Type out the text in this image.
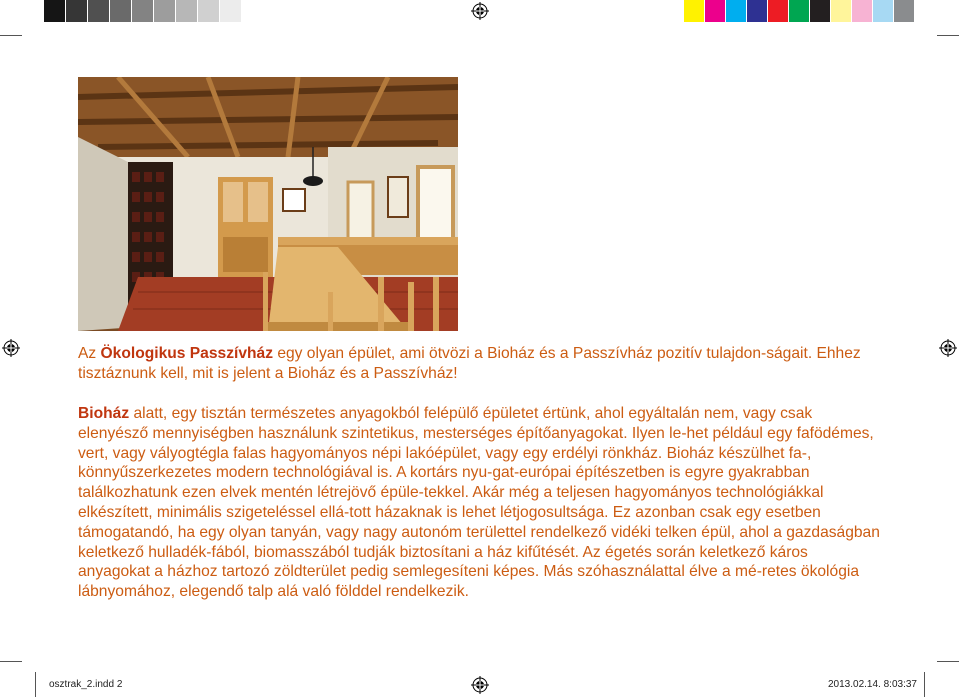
Az Ökologikus Passzívház egy olyan épület, ami ötvözi a Bioház és a Passzívház pozitív tulajdon-ságait. Ehhez tisztáznunk kell, mit is jelent a Bioház és a Passzívház!

Bioház alatt, egy tisztán természetes anyagokból felépülő épületet értünk, ahol egyáltalán nem, vagy csak elenyésző mennyiségben használunk szintetikus, mesterséges építőanyagokat. Ilyen le-het például egy fafödémes, vert, vagy vályogtégla falas hagyományos népi lakóépület, vagy egy erdélyi rönkház. Bioház készülhet fa-, könnyűszerkezetes modern technológiával is. A kortárs nyu-gat-európai építészetben is egyre gyakrabban találkozhatunk ezen elvek mentén létrejövő épüle-tekkel. Akár még a teljesen hagyományos technológiákkal elkészített, minimális szigeteléssel ellá-tott házaknak is lehet létjogosultsága. Ez azonban csak egy esetben támogatandó, ha egy olyan tanyán, vagy nagy autonóm területtel rendelkező vidéki telken épül, ahol a gazdaságban keletkező hulladék-fából, biomasszából tudják biztosítani a ház kifűtését. Az égetés során keletkező káros anyagokat a házhoz tartozó zöldterület pedig semlegesíteni képes. Más szóhasználattal élve a mé-retes ökológia lábnyomához, elegendő talp alá való földdel rendelkezik.

osztrak_2.indd 2	2013.02.14. 8:03:37
